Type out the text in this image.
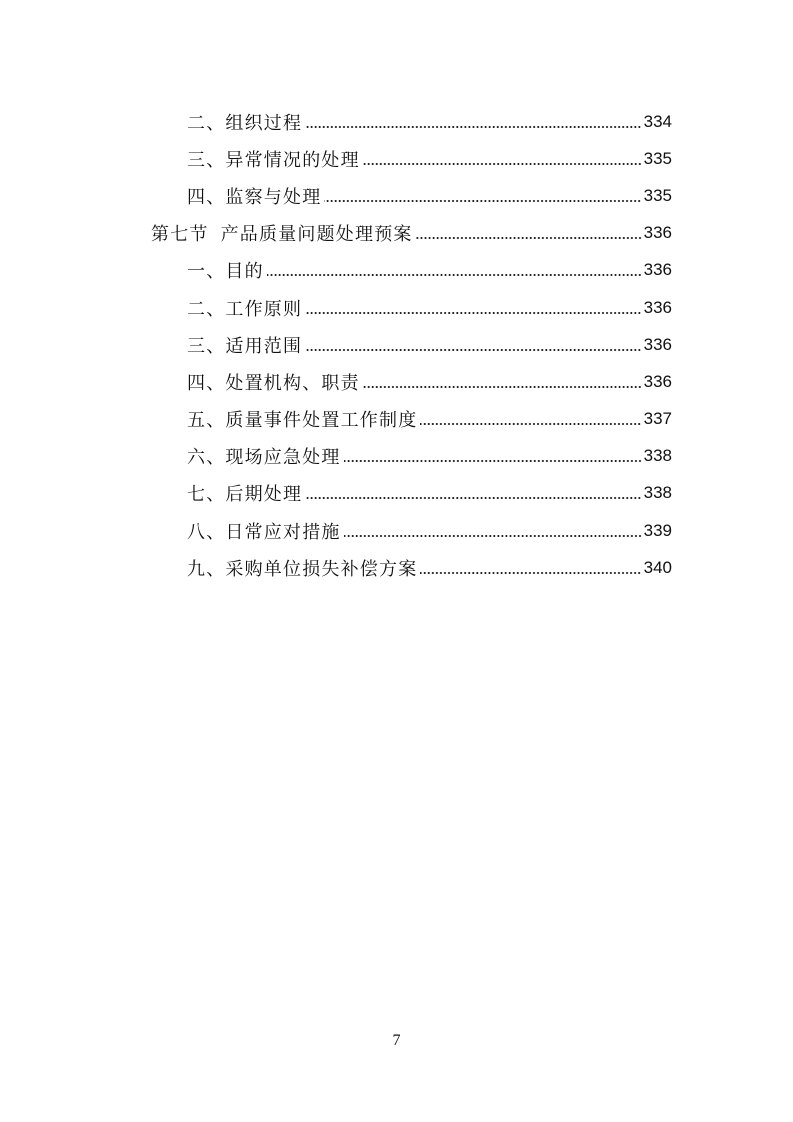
二、组织过程	334
三、异常情况的处理	335
四、监察与处理	335
第七节 产品质量问题处理预案	336
一、目的	336
二、工作原则	336
三、适用范围	336
四、处置机构、职责	336
五、质量事件处置工作制度	337
六、现场应急处理	338
七、后期处理	338
八、日常应对措施	339
九、采购单位损失补偿方案	340
7
